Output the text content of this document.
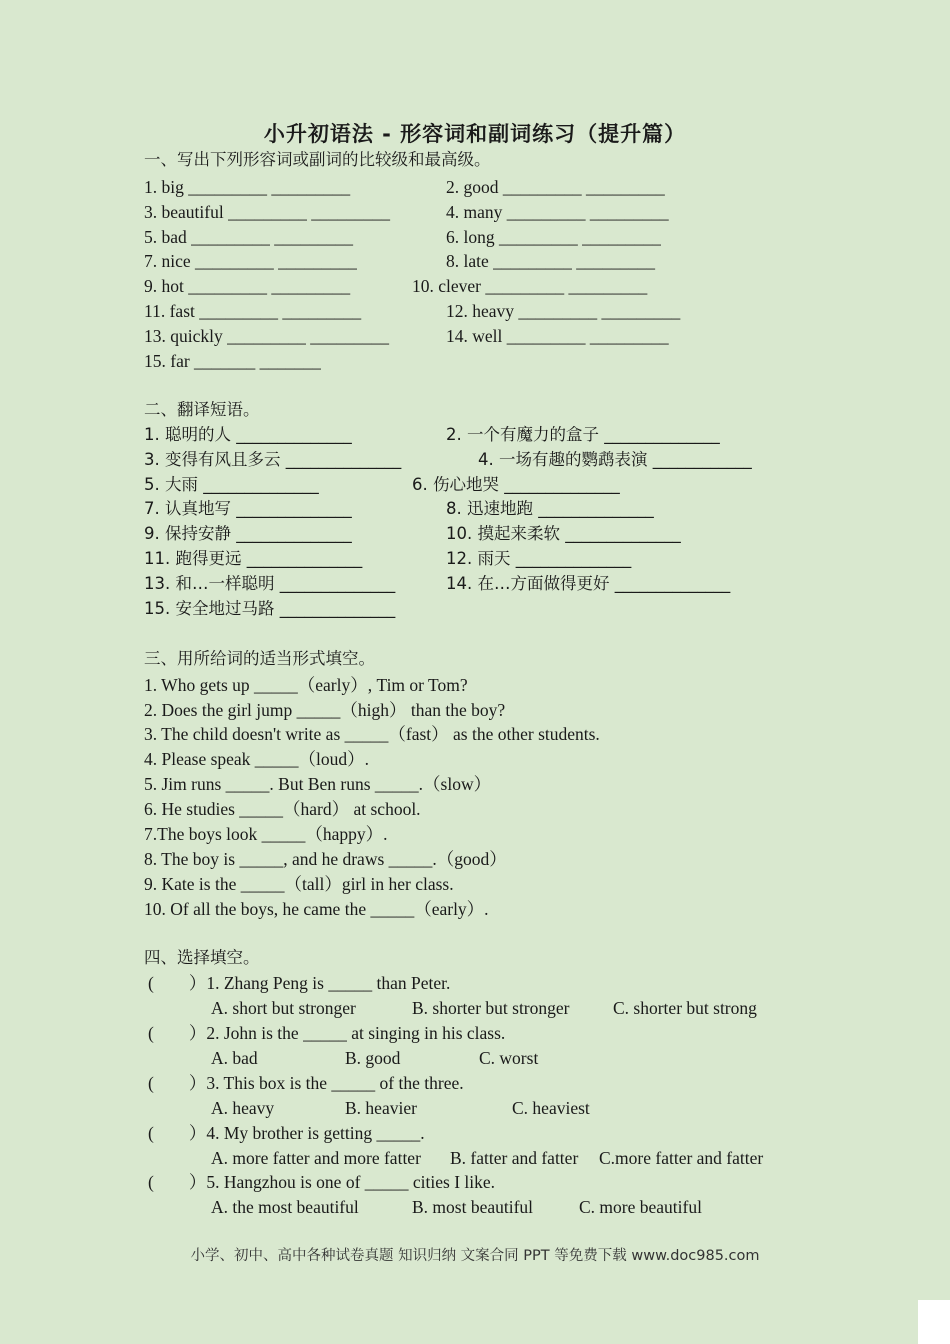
小升初语法 - 形容词和副词练习（提升篇）
一、写出下列形容词或副词的比较级和最高级。
1. big _________ _________	2. good _________ _________
3. beautiful _________ _________	4. many _________ _________
5. bad _________ _________	6. long _________ _________
7. nice _________ _________	8. late _________ _________
9. hot _________ _________	10. clever _________ _________
11. fast _________ _________	12. heavy _________ _________
13. quickly _________ _________	14. well _________ _________
15. far _______ _______
二、翻译短语。
1. 聪明的人 ______________	2. 一个有魔力的盒子 ______________
3. 变得有风且多云 ______________	4. 一场有趣的鹦鹉表演 ____________
5. 大雨 ______________	6. 伤心地哭 ______________
7. 认真地写 ______________	8. 迅速地跑 ______________
9. 保持安静 ______________	10. 摸起来柔软 ______________
11. 跑得更远 ______________	12. 雨天 ______________
13. 和…一样聪明 ______________	14. 在…方面做得更好 ______________
15. 安全地过马路 ______________
三、用所给词的适当形式填空。
1. Who gets up _____（early）, Tim or Tom?
2. Does the girl jump _____（high） than the boy?
3. The child doesn't write as _____（fast） as the other students.
4. Please speak _____（loud）.
5. Jim runs _____. But Ben runs _____.（slow）
6. He studies _____（hard） at school.
7.The boys look _____（happy）.
8. The boy is _____, and he draws _____.（good）
9. Kate is the _____（tall）girl in her class.
10. Of all the boys, he came the _____（early）.
四、选择填空。
(　　）1. Zhang Peng is _____ than Peter.
A. short but stronger	B. shorter but stronger C. shorter but strong
(　　）2. John is the _____ at singing in his class.
A. bad	B. good	C. worst
(　　）3. This box is the _____ of the three.
A. heavy	B. heavier	C. heaviest
(　　）4. My brother is getting _____.
A. more fatter and more fatter B. fatter and fatter C.more fatter and fatter
(　　）5. Hangzhou is one of _____ cities I like.
A. the most beautiful	B. most beautiful	C. more beautiful
小学、初中、高中各种试卷真题 知识归纳 文案合同 PPT 等免费下载 www.doc985.com
